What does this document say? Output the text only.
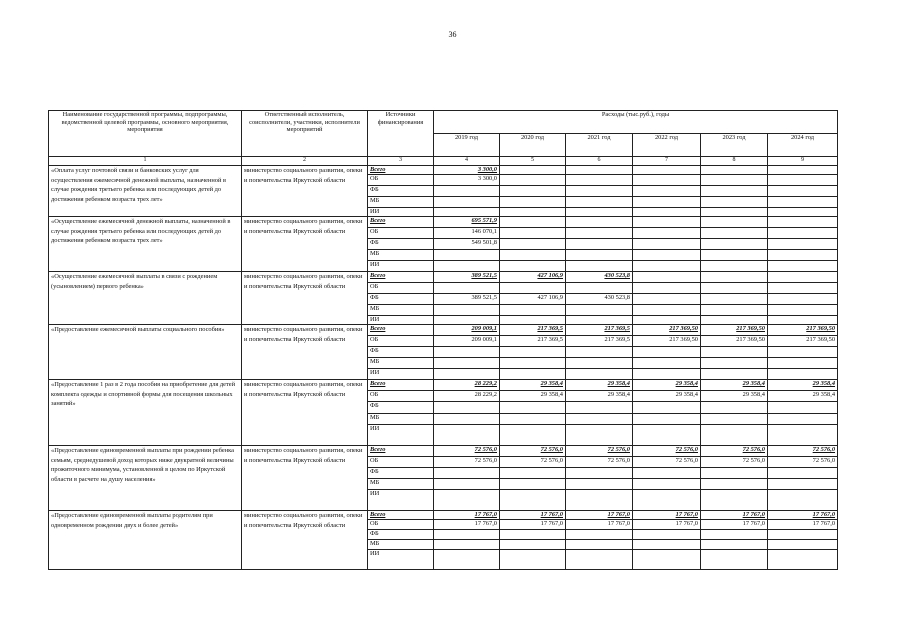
36
Наименование государственной программы, подпрограммы, ведомственной целевой программы, основного мероприятия, мероприятия	Ответственный исполнитель, соисполнители, участники, исполнители мероприятий	Источники финансирования	Расходы (тыс.руб.), годы					
			2019 год	2020 год	2021 год	2022 год	2023 год	2024 год
1	2	3	4	5	6	7	8	9
«Оплата услуг почтовой связи и банковских услуг для осуществления ежемесячной денежной выплаты, назначенной в случае рождения третьего ребенка или последующих детей до достижения ребенком возраста трех лет»	министерство социального развития, опеки и попечительства Иркутской области	Всего	3 300,0					
		ОБ	3 300,0					
		ФБ						
		МБ						
		ИИ						
«Осуществление ежемесячной денежной выплаты, назначенной в случае рождения третьего ребенка или последующих детей до достижения ребенком возраста трех лет»	министерство социального развития, опеки и попечительства Иркутской области	Всего	695 571,9					
		ОБ	146 070,1					
		ФБ	549 501,8					
		МБ						
		ИИ						
«Осуществление ежемесячной выплаты в связи с рождением (усыновлением) первого ребенка»	министерство социального развития, опеки и попечительства Иркутской области	Всего	389 521,5	427 106,9	430 523,8			
		ОБ						
		ФБ	389 521,5	427 106,9	430 523,8			
		МБ						
		ИИ						
«Предоставление ежемесячной выплаты социального пособия»	министерство социального развития, опеки и попечительства Иркутской области	Всего	209 009,1	217 369,5	217 369,5	217 369,50	217 369,50	217 369,50
		ОБ	209 009,1	217 369,5	217 369,5	217 369,50	217 369,50	217 369,50
		ФБ						
		МБ						
		ИИ						
«Предоставление 1 раз в 2 года пособия на приобретение для детей комплекта одежды и спортивной формы для посещения школьных занятий»	министерство социального развития, опеки и попечительства Иркутской области	Всего	28 229,2	29 358,4	29 358,4	29 358,4	29 358,4	29 358,4
		ОБ	28 229,2	29 358,4	29 358,4	29 358,4	29 358,4	29 358,4
		ФБ						
		МБ						
		ИИ						
«Предоставление единовременной выплаты при рождении ребенка семьям, среднедушевой доход которых ниже двукратной величины прожиточного минимума, установленной в целом по Иркутской области в расчете на душу населения»	министерство социального развития, опеки и попечительства Иркутской области	Всего	72 576,0	72 576,0	72 576,0	72 576,0	72 576,0	72 576,0
		ОБ	72 576,0	72 576,0	72 576,0	72 576,0	72 576,0	72 576,0
		ФБ						
		МБ						
		ИИ						
«Предоставление единовременной выплаты родителям при одновременном рождении двух и более детей»	министерство социального развития, опеки и попечительства Иркутской области	Всего	17 767,0	17 767,0	17 767,0	17 767,0	17 767,0	17 767,0
		ОБ	17 767,0	17 767,0	17 767,0	17 767,0	17 767,0	17 767,0
		ФБ						
		МБ						
		ИИ						
